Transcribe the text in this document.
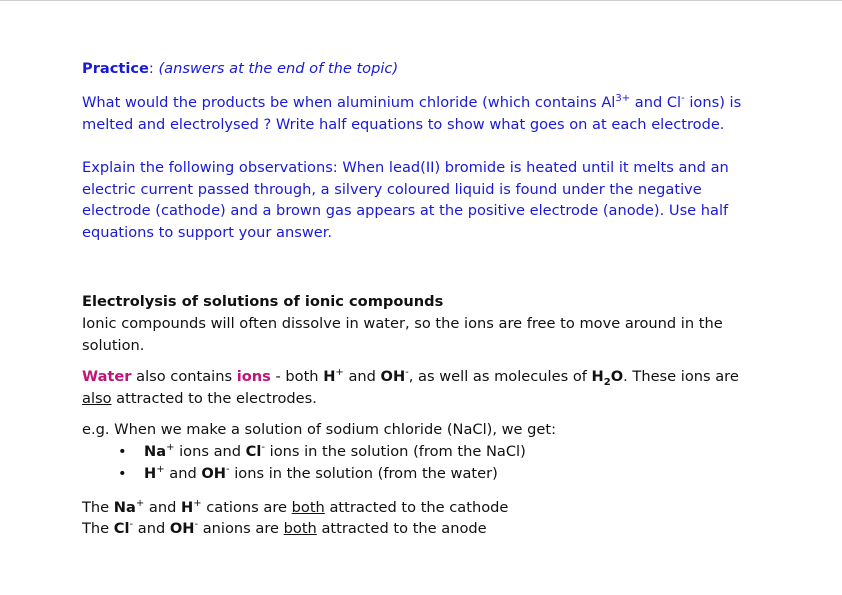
Practice: (answers at the end of the topic)
What would the products be when aluminium chloride (which contains $Al^{3+}$ and Cl- ions) is melted and electrolysed ? Write half equations to show what goes on at each electrode.
Explain the following observations: When lead(II) bromide is heated until it melts and an electric current passed through, a silvery coloured liquid is found under the negative electrode (cathode) and a brown gas appears at the positive electrode (anode). Use half equations to support your answer.
Electrolysis of solutions of ionic compounds
Ionic compounds will often dissolve in water, so the ions are free to move around in the solution.
Water also contains ions - both H+ and OH-, as well as molecules of $H_2O$. These ions are also attracted to the electrodes.
e.g. When we make a solution of sodium chloride (NaCl), we get:
• Na+ ions and Cl- ions in the solution (from the NaCl)
• H+ and OH- ions in the solution (from the water)
The Na+ and H+ cations are both attracted to the cathode
The Cl- and OH- anions are both attracted to the anode
